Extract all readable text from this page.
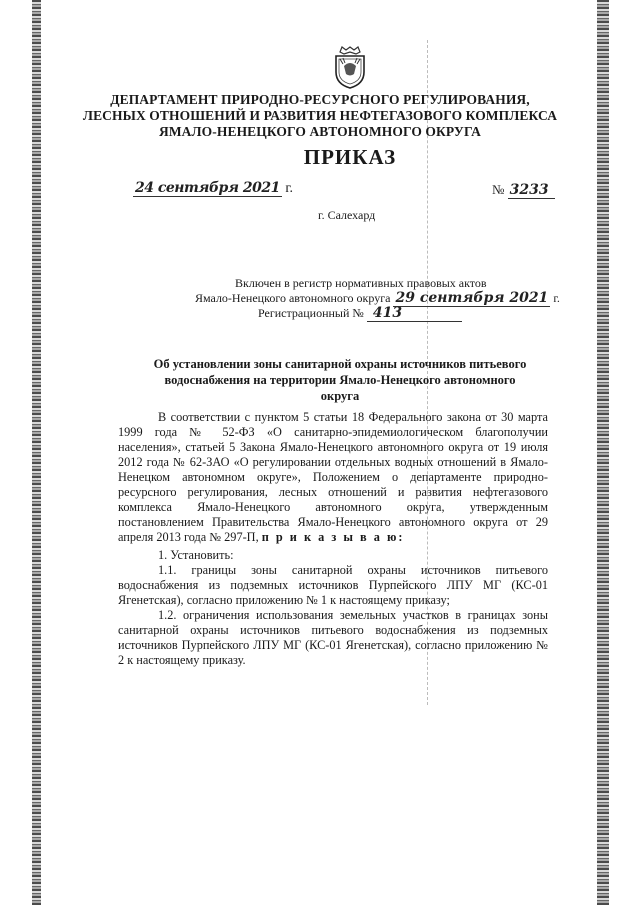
ДЕПАРТАМЕНТ ПРИРОДНО-РЕСУРСНОГО РЕГУЛИРОВАНИЯ,
ЛЕСНЫХ ОТНОШЕНИЙ И РАЗВИТИЯ НЕФТЕГАЗОВОГО КОМПЛЕКСА
ЯМАЛО-НЕНЕЦКОГО АВТОНОМНОГО ОКРУГА
ПРИКАЗ
24 сентября 2021 г.	№ 3233
г. Салехард
Включен в регистр нормативных правовых актов
Ямало-Ненецкого автономного округа 29 сентября 2021 г.
Регистрационный № 413
Об установлении зоны санитарной охраны источников питьевого
водоснабжения на территории Ямало-Ненецкого автономного округа
В соответствии с пунктом 5 статьи 18 Федерального закона от 30 марта 1999 года № 52-ФЗ «О санитарно-эпидемиологическом благополучии населения», статьей 5 Закона Ямало-Ненецкого автономного округа от 19 июля 2012 года № 62-ЗАО «О регулировании отдельных водных отношений в Ямало-Ненецком автономном округе», Положением о департаменте природно-ресурсного регулирования, лесных отношений и развития нефтегазового комплекса Ямало-Ненецкого автономного округа, утвержденным постановлением Правительства Ямало-Ненецкого автономного округа от 29 апреля 2013 года № 297-П, п р и к а з ы в а ю:
1. Установить:
1.1. границы зоны санитарной охраны источников питьевого водоснабжения из подземных источников Пурпейского ЛПУ МГ (КС-01 Ягенетская), согласно приложению № 1 к настоящему приказу;
1.2. ограничения использования земельных участков в границах зоны санитарной охраны источников питьевого водоснабжения из подземных источников Пурпейского ЛПУ МГ (КС-01 Ягенетская), согласно приложению № 2 к настоящему приказу.
